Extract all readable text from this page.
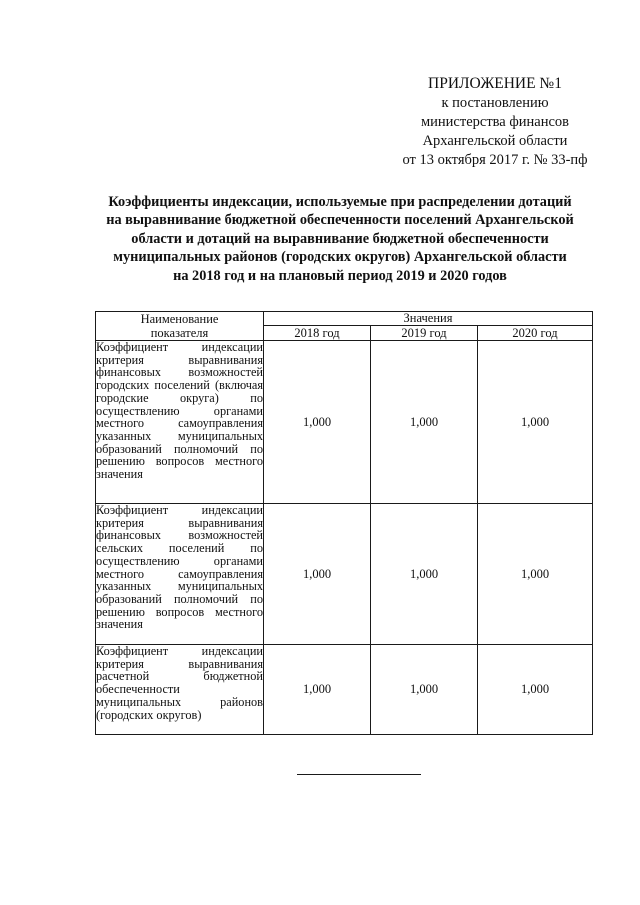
ПРИЛОЖЕНИЕ №1
к постановлению
министерства финансов
Архангельской области
от 13 октября 2017 г. № 33-пф
Коэффициенты индексации, используемые при распределении дотаций
на выравнивание бюджетной обеспеченности поселений Архангельской
области и дотаций на выравнивание бюджетной обеспеченности
муниципальных районов (городских округов) Архангельской области
на 2018 год и на плановый период 2019 и 2020 годов
Наименование
показателя	Значения		
	2018 год	2019 год	2020 год
Коэффициент индексации критерия выравнивания финансовых возможностей городских поселений (включая городские округа) по осуществлению органами местного самоуправления указанных муниципальных образований полномочий по решению вопросов местного значения	1,000	1,000	1,000
Коэффициент индексации критерия выравнивания финансовых возможностей сельских поселений по осуществлению органами местного самоуправления указанных муниципальных образований полномочий по решению вопросов местного значения	1,000	1,000	1,000
Коэффициент индексации критерия выравнивания расчетной бюджетной обеспеченности муниципальных районов (городских округов)	1,000	1,000	1,000
